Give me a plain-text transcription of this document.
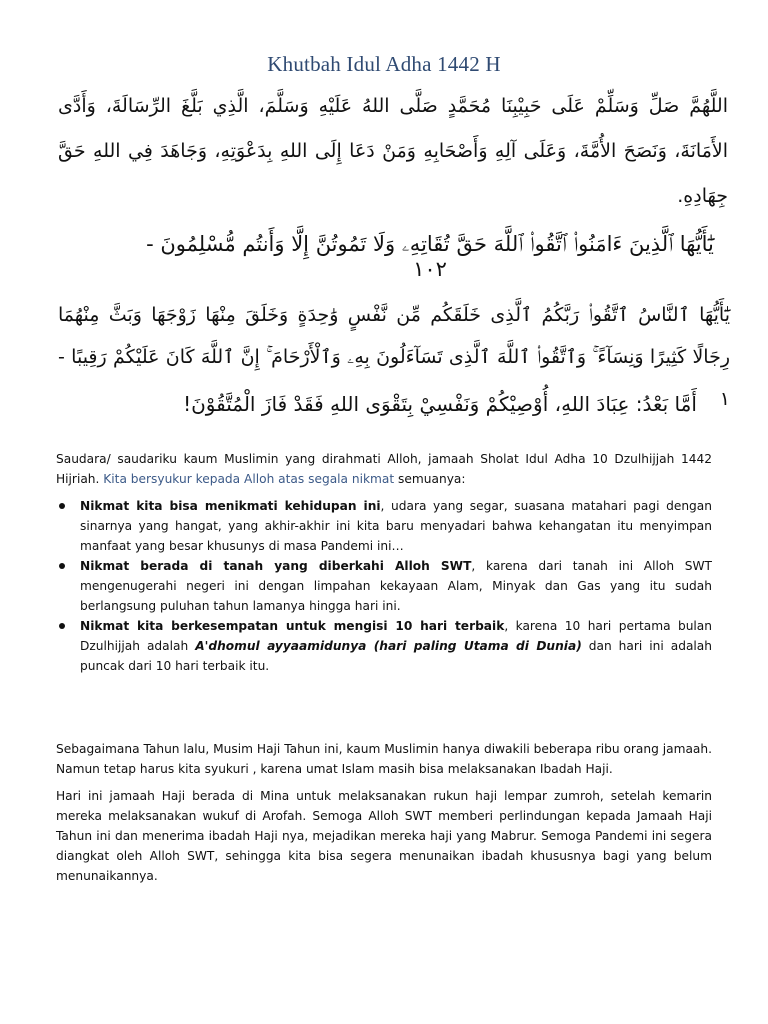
Khutbah Idul Adha 1442 H
اللَّهُمَّ صَلِّ وَسَلِّمْ عَلَى حَبِيْبِنَا مُحَمَّدٍ صَلَّى اللهُ عَلَيْهِ وَسَلَّمَ، الَّذِي بَلَّغَ الرِّسَالَةَ، وَأَدَّى الأَمَانَةَ، وَنَصَحَ الأُمَّةَ، وَعَلَى آلِهِ وَأَصْحَابِهِ وَمَنْ دَعَا إِلَى اللهِ بِدَعْوَتِهِ، وَجَاهَدَ فِي اللهِ حَقَّ جِهَادِهِ.
يَٰٓأَيُّهَا ٱلَّذِينَ ءَامَنُوا۟ ٱتَّقُوا۟ ٱللَّهَ حَقَّ تُقَاتِهِۦ وَلَا تَمُوتُنَّ إِلَّا وَأَنتُم مُّسْلِمُونَ - ١٠٢
يَٰٓأَيُّهَا ٱلنَّاسُ ٱتَّقُوا۟ رَبَّكُمُ ٱلَّذِى خَلَقَكُم مِّن نَّفْسٍ وَٰحِدَةٍ وَخَلَقَ مِنْهَا زَوْجَهَا وَبَثَّ مِنْهُمَا رِجَالًا كَثِيرًا وَنِسَآءً ۚ وَٱتَّقُوا۟ ٱللَّهَ ٱلَّذِى تَسَآءَلُونَ بِهِۦ وَٱلْأَرْحَامَ ۚ إِنَّ ٱللَّهَ كَانَ عَلَيْكُمْ رَقِيبًا - ١
أَمَّا بَعْدُ: عِبَادَ اللهِ، أُوْصِيْكُمْ وَنَفْسِيْ بِتَقْوَى اللهِ فَقَدْ فَازَ الْمُتَّقُوْنَ!
Saudara/ saudariku kaum Muslimin yang dirahmati Alloh, jamaah Sholat Idul Adha 10 Dzulhijjah 1442 Hijriah. Kita bersyukur kepada Alloh atas segala nikmat semuanya:
Nikmat kita bisa menikmati kehidupan ini, udara yang segar, suasana matahari pagi dengan sinarnya yang hangat, yang akhir-akhir ini kita baru menyadari bahwa kehangatan itu menyimpan manfaat yang besar khusunys di masa Pandemi ini…
Nikmat berada di tanah yang diberkahi Alloh SWT, karena dari tanah ini Alloh SWT mengenugerahi negeri ini dengan limpahan kekayaan Alam, Minyak dan Gas yang itu sudah berlangsung puluhan tahun lamanya hingga hari ini.
Nikmat kita berkesempatan untuk mengisi 10 hari terbaik, karena 10 hari pertama bulan Dzulhijjah adalah A'dhomul ayyaamidunya (hari paling Utama di Dunia) dan hari ini adalah puncak dari 10 hari terbaik itu.
Sebagaimana Tahun lalu, Musim Haji Tahun ini, kaum Muslimin hanya diwakili beberapa ribu orang jamaah. Namun tetap harus kita syukuri , karena umat Islam masih bisa melaksanakan Ibadah Haji.
Hari ini jamaah Haji berada di Mina untuk melaksanakan rukun haji lempar zumroh, setelah kemarin mereka melaksanakan wukuf di Arofah. Semoga Alloh SWT memberi perlindungan kepada Jamaah Haji Tahun ini dan menerima ibadah Haji nya, mejadikan mereka haji yang Mabrur. Semoga Pandemi ini segera diangkat oleh Alloh SWT, sehingga kita bisa segera menunaikan ibadah khususnya bagi yang belum menunaikannya.
